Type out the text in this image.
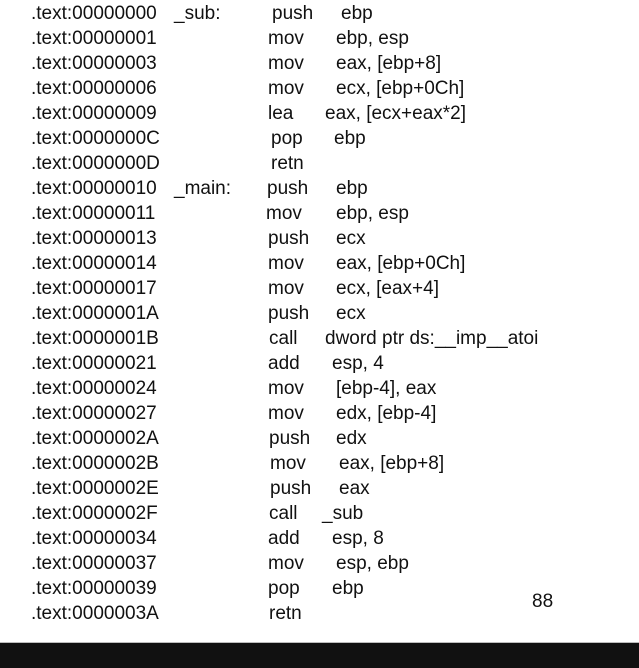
.text:00000000 _sub:	push ebp
.text:00000001	mov ebp, esp
.text:00000003	mov eax, [ebp+8]
.text:00000006	mov ecx, [ebp+0Ch]
.text:00000009	lea eax, [ecx+eax*2]
.text:0000000C	pop ebp
.text:0000000D	retn
.text:00000010 _main: push ebp
.text:00000011	mov ebp, esp
.text:00000013	push ecx
.text:00000014	mov eax, [ebp+0Ch]
.text:00000017	mov ecx, [eax+4]
.text:0000001A	push ecx
.text:0000001B	call dword ptr ds:__imp__atoi
.text:00000021	add esp, 4
.text:00000024	mov [ebp-4], eax
.text:00000027	mov edx, [ebp-4]
.text:0000002A	push edx
.text:0000002B	mov eax, [ebp+8]
.text:0000002E	push eax
.text:0000002F	call _sub
.text:00000034	add esp, 8
.text:00000037	mov esp, ebp
.text:00000039	pop ebp
.text:0000003A	retn
88
